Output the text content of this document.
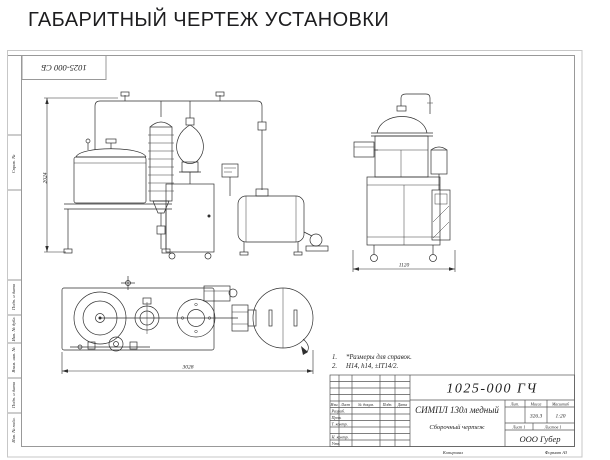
ГАБАРИТНЫЙ ЧЕРТЕЖ УСТАНОВКИ
Справ. №
Подп. и дата
Инв. № дубл.
Взам. инв. №
Подп. и дата
Инв. № подл.
1025-000 СБ
2024
1120
3028
1. *Размеры для справок.
2. H14, h14, ±IT14/2.
Изм. Лист № докум. Подп. Дата
Разраб.
Пров.
Т. контр.
Н. контр.
Утв.
1025-000 ГЧ
СИМПЛ 130л медный
Сборочный чертеж
Лит.	Масса	Масштаб
326.3 1:20
Лист 1	Листов 1
ООО Губер
Копировал	Формат А3
